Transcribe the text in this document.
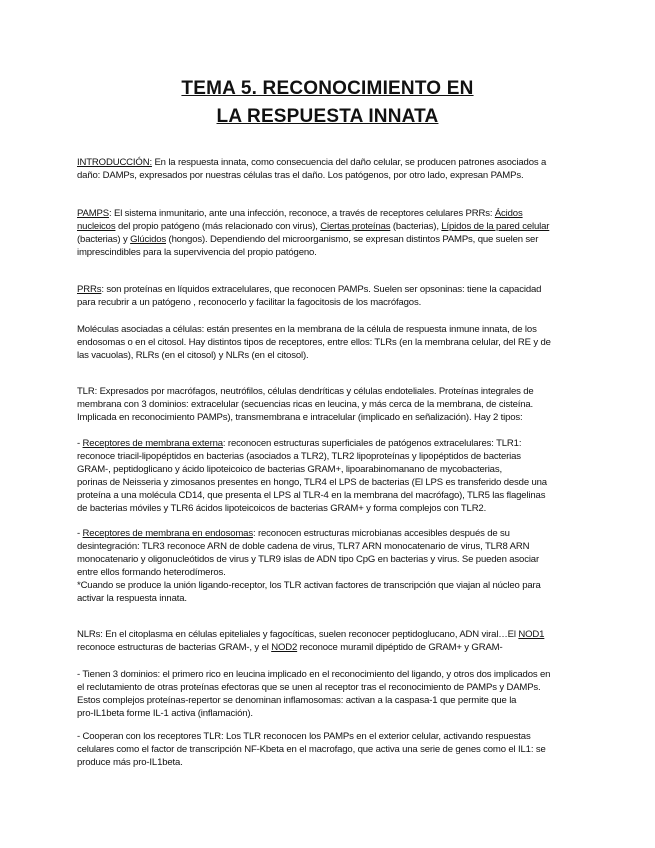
TEMA 5. RECONOCIMIENTO EN
LA RESPUESTA INNATA
INTRODUCCIÓN: En la respuesta innata, como consecuencia del daño celular, se producen patrones asociados a
daño: DAMPs, expresados por nuestras células tras el daño. Los patógenos, por otro lado, expresan PAMPs.
PAMPS: El sistema inmunitario, ante una infección, reconoce, a través de receptores celulares PRRs: Ácidos
nucleicos del propio patógeno (más relacionado con virus), Ciertas proteínas (bacterias), Lípidos de la pared celular
(bacterias) y Glúcidos (hongos). Dependiendo del microorganismo, se expresan distintos PAMPs, que suelen ser
imprescindibles para la supervivencia del propio patógeno.
PRRs: son proteínas en líquidos extracelulares, que reconocen PAMPs. Suelen ser opsoninas: tiene la capacidad
para recubrir a un patógeno , reconocerlo y facilitar la fagocitosis de los macrófagos.
Moléculas asociadas a células: están presentes en la membrana de la célula de respuesta inmune innata, de los
endosomas o en el citosol. Hay distintos tipos de receptores, entre ellos: TLRs (en la membrana celular, del RE y de
las vacuolas), RLRs (en el citosol) y NLRs (en el citosol).
TLR: Expresados por macrófagos, neutrófilos, células dendríticas y células endoteliales. Proteínas integrales de
membrana con 3 dominios: extracelular (secuencias ricas en leucina, y más cerca de la membrana, de cisteína.
Implicada en reconocimiento PAMPs), transmembrana e intracelular (implicado en señalización). Hay 2 tipos:
- Receptores de membrana externa: reconocen estructuras superficiales de patógenos extracelulares: TLR1:
reconoce triacil-lipopéptidos en bacterias (asociados a TLR2), TLR2 lipoproteínas y lipopéptidos de bacterias
GRAM-, peptidoglicano y ácido lipoteicoico de bacterias GRAM+, lipoarabinomanano de mycobacterias,
porinas de Neisseria y zimosanos presentes en hongo, TLR4 el LPS de bacterias (El LPS es transferido desde una
proteína a una molécula CD14, que presenta el LPS al TLR-4 en la membrana del macrófago), TLR5 las flagelinas
de bacterias móviles y TLR6 ácidos lipoteicoicos de bacterias GRAM+ y forma complejos con TLR2.
- Receptores de membrana en endosomas: reconocen estructuras microbianas accesibles después de su
desintegración: TLR3 reconoce ARN de doble cadena de virus, TLR7 ARN monocatenario de virus, TLR8 ARN
monocatenario y oligonucleótidos de virus y TLR9 islas de ADN tipo CpG en bacterias y virus. Se pueden asociar
entre ellos formando heterodímeros.
*Cuando se produce la unión ligando-receptor, los TLR activan factores de transcripción que viajan al núcleo para
activar la respuesta innata.
NLRs: En el citoplasma en células epiteliales y fagocíticas, suelen reconocer peptidoglucano, ADN viral…El NOD1
reconoce estructuras de bacterias GRAM-, y el NOD2 reconoce muramil dipéptido de GRAM+ y GRAM-
- Tienen 3 dominios: el primero rico en leucina implicado en el reconocimiento del ligando, y otros dos implicados en
el reclutamiento de otras proteínas efectoras que se unen al receptor tras el reconocimiento de PAMPs y DAMPs.
Estos complejos proteínas-repertor se denominan inflamosomas: activan a la caspasa-1 que permite que la
pro-IL1beta forme IL-1 activa (inflamación).
- Cooperan con los receptores TLR: Los TLR reconocen los PAMPs en el exterior celular, activando respuestas
celulares como el factor de transcripción NF-Kbeta en el macrofago, que activa una serie de genes como el IL1: se
produce más pro-IL1beta.
